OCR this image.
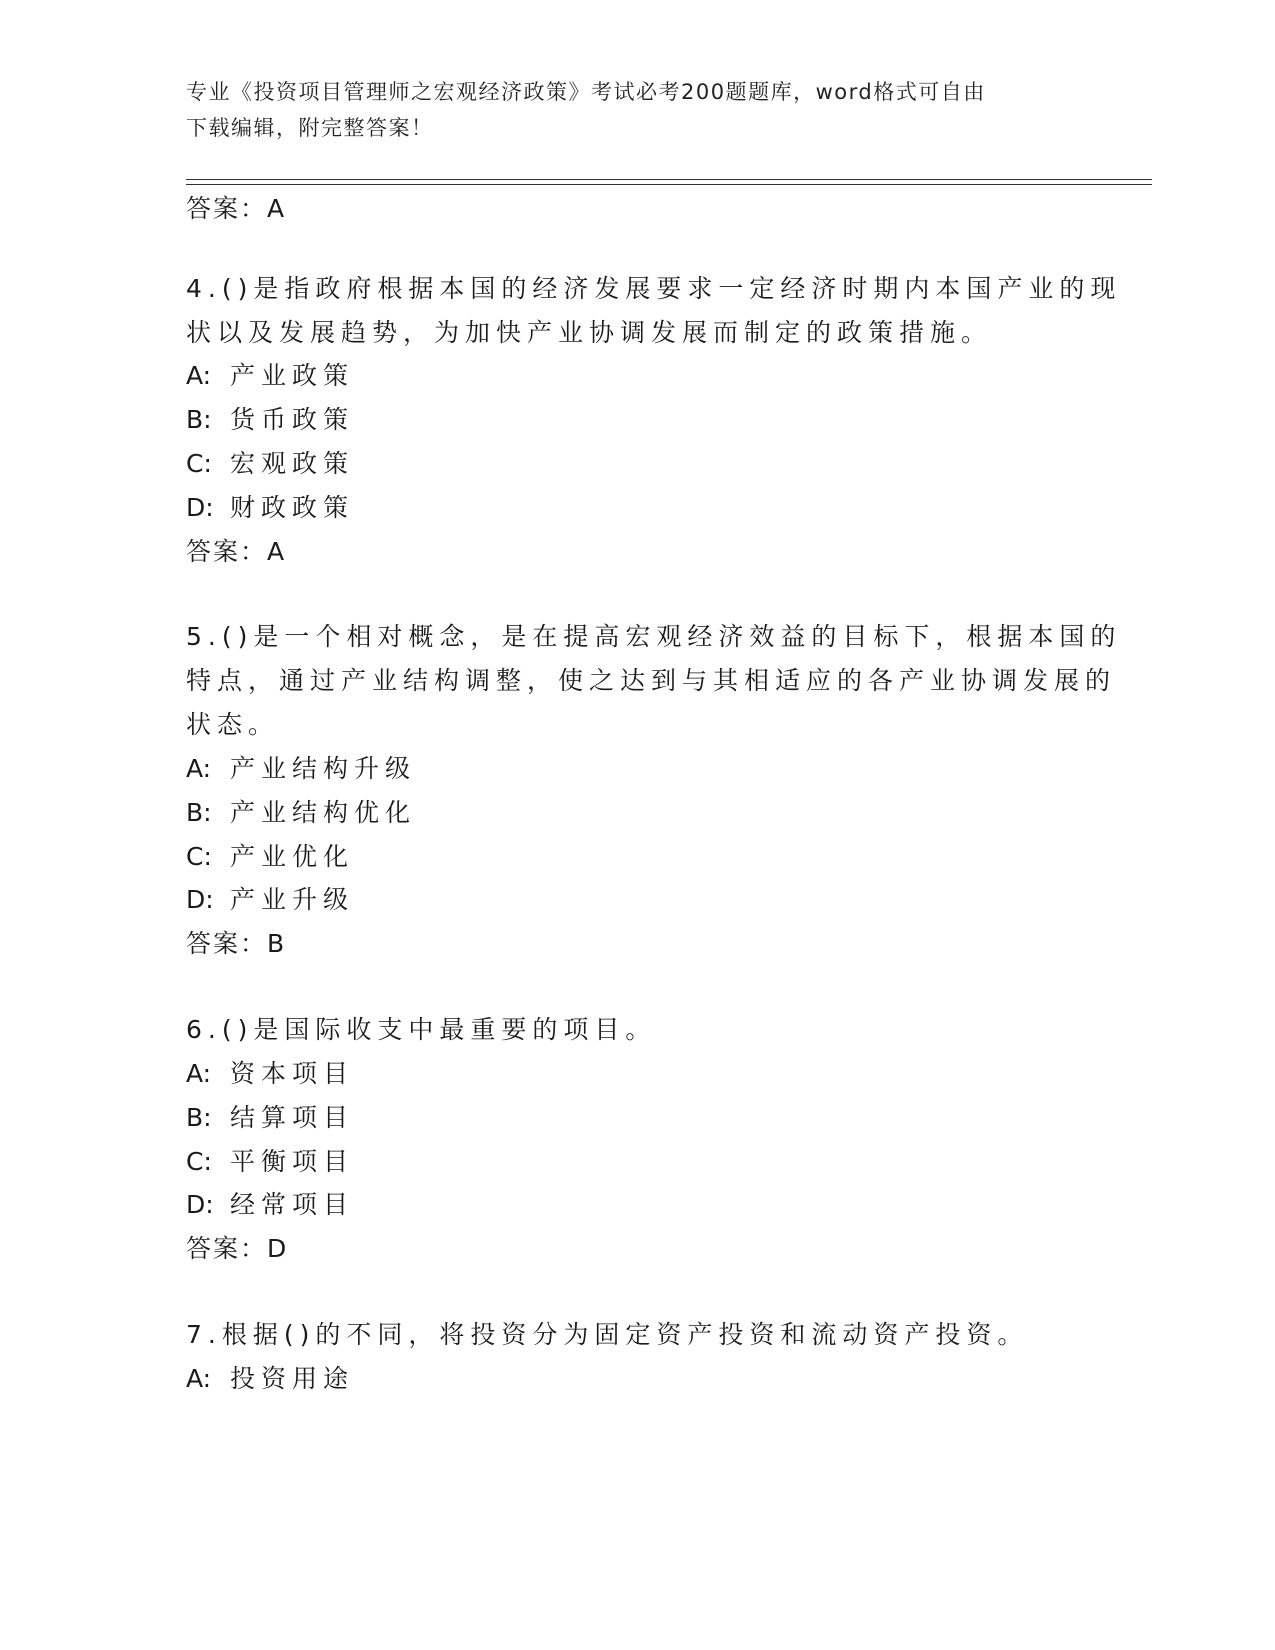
专业《投资项目管理师之宏观经济政策》考试必考200题题库，word格式可自由
下载编辑，附完整答案！
答案：A
4.()是指政府根据本国的经济发展要求一定经济时期内本国产业的现
状以及发展趋势，为加快产业协调发展而制定的政策措施。
A: 产业政策
B: 货币政策
C: 宏观政策
D: 财政政策
答案：A
5.()是一个相对概念，是在提高宏观经济效益的目标下，根据本国的
特点，通过产业结构调整，使之达到与其相适应的各产业协调发展的
状态。
A: 产业结构升级
B: 产业结构优化
C: 产业优化
D: 产业升级
答案：B
6.()是国际收支中最重要的项目。
A: 资本项目
B: 结算项目
C: 平衡项目
D: 经常项目
答案：D
7.根据()的不同，将投资分为固定资产投资和流动资产投资。
A: 投资用途
